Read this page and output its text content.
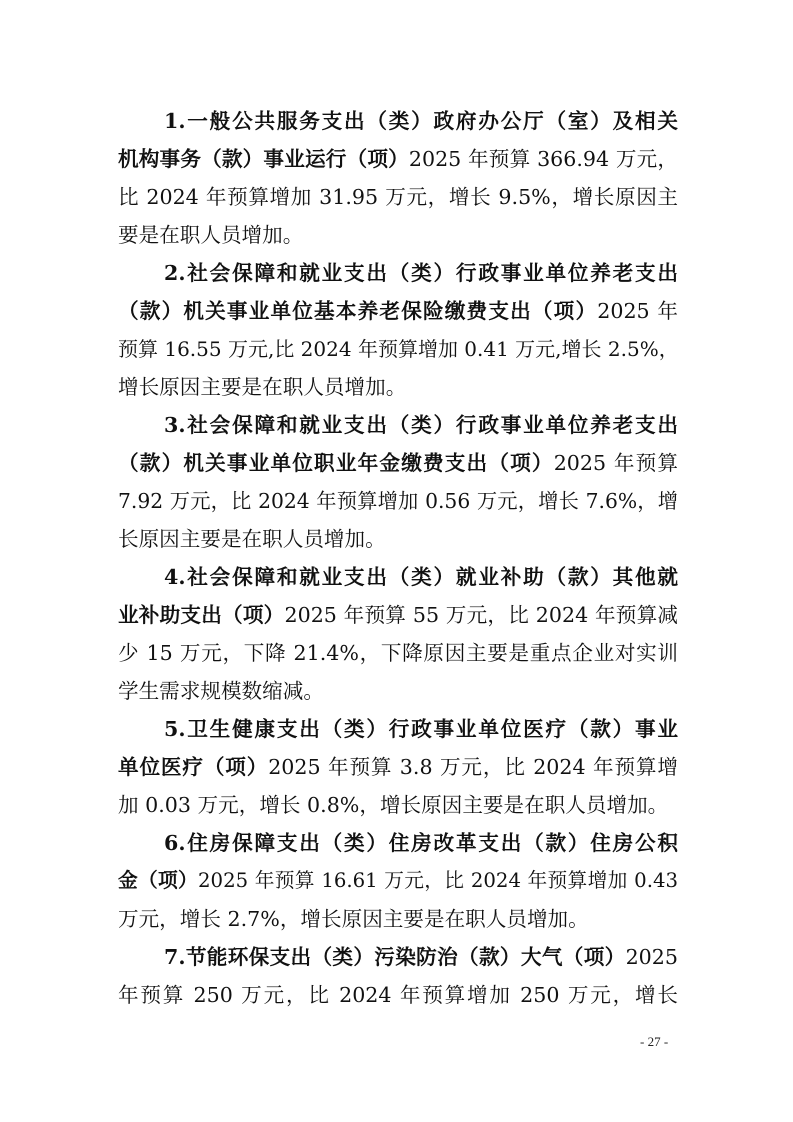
1.一般公共服务支出（类）政府办公厅（室）及相关
机构事务（款）事业运行（项）2025 年预算 366.94 万元，
比 2024 年预算增加 31.95 万元，增长 9.5%，增长原因主
要是在职人员增加。
2.社会保障和就业支出（类）行政事业单位养老支出
（款）机关事业单位基本养老保险缴费支出（项）2025 年
预算 16.55 万元,比 2024 年预算增加 0.41 万元,增长 2.5%，
增长原因主要是在职人员增加。
3.社会保障和就业支出（类）行政事业单位养老支出
（款）机关事业单位职业年金缴费支出（项）2025 年预算
7.92 万元，比 2024 年预算增加 0.56 万元，增长 7.6%，增
长原因主要是在职人员增加。
4.社会保障和就业支出（类）就业补助（款）其他就
业补助支出（项）2025 年预算 55 万元，比 2024 年预算减
少 15 万元，下降 21.4%，下降原因主要是重点企业对实训
学生需求规模数缩减。
5.卫生健康支出（类）行政事业单位医疗（款）事业
单位医疗（项）2025 年预算 3.8 万元，比 2024 年预算增
加 0.03 万元，增长 0.8%，增长原因主要是在职人员增加。
6.住房保障支出（类）住房改革支出（款）住房公积
金（项）2025 年预算 16.61 万元，比 2024 年预算增加 0.43
万元，增长 2.7%，增长原因主要是在职人员增加。
7.节能环保支出（类）污染防治（款）大气（项）2025
年预算 250 万元，比 2024 年预算增加 250 万元，增长
- 27 -
